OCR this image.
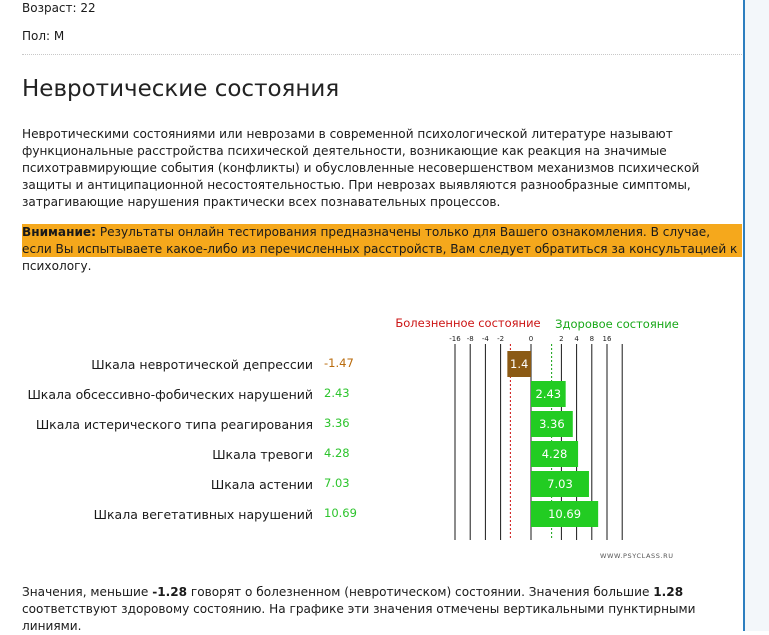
Возраст: 22
Пол: М
Невротические состояния

Невротическими состояниями или неврозами в современной психологической литературе называют функциональные расстройства психической деятельности, возникающие как реакция на значимые психотравмирующие события (конфликты) и обусловленные несовершенством механизмов психической защиты и антиципационной несостоятельностью. При неврозах выявляются разнообразные симптомы, затрагивающие нарушения практически всех познавательных процессов.

Внимание: Результаты онлайн тестирования предназначены только для Вашего ознакомления. В случае, если Вы испытываете какое-либо из перечисленных расстройств, Вам следует обратиться за консультацией к психологу.
Болезненное состояние Здоровое состояние
-16 -8 -4 -2	0	2 4 8 16
Шкала невротической депрессии -1.47	1.4
Шкала обсессивно-фобических нарушений 2.43	2.43
Шкала истерического типа реагирования 3.36	3.36
Шкала тревоги 4.28	4.28
Шкала астении 7.03	7.03
Шкала вегетативных нарушений 10.69	10.69
WWW.PSYCLASS.RU

Значения, меньшие -1.28 говорят о болезненном (невротическом) состоянии. Значения большие 1.28 соответствуют здоровому состоянию. На графике эти значения отмечены вертикальными пунктирными линиями.
